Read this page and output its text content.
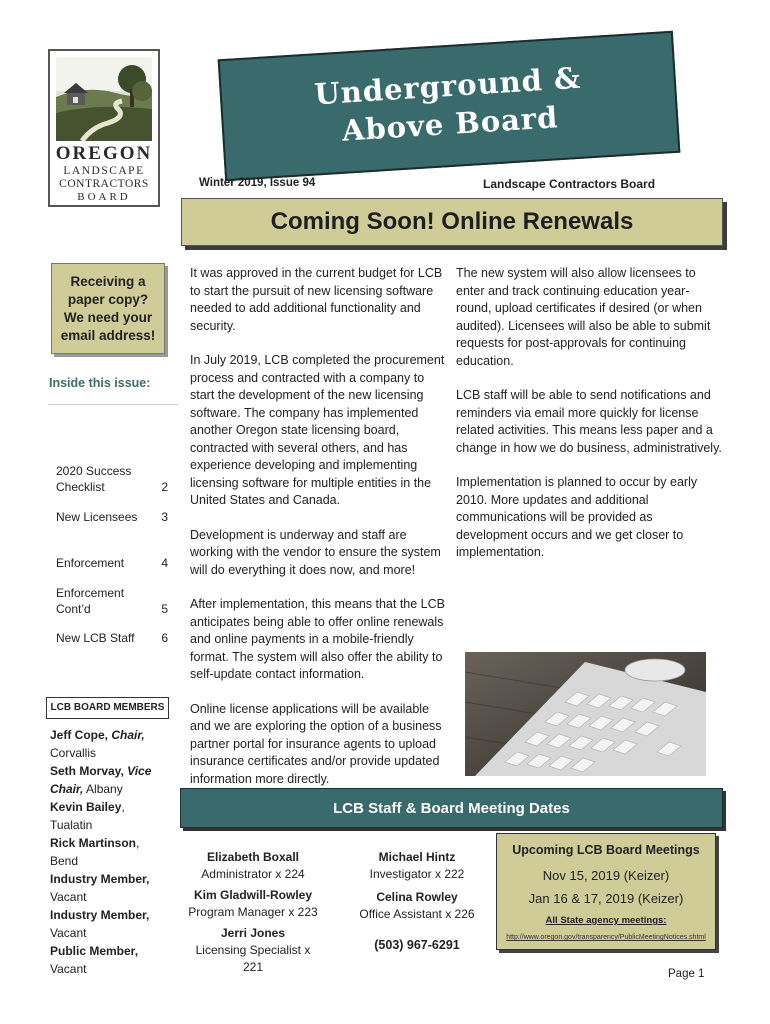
OREGON
LANDSCAPE
CONTRACTORS
BOARD
Underground &
Above Board
Winter 2019, Issue 94	Landscape Contractors Board
Coming Soon! Online Renewals
Receiving a paper copy? We need your email address!
Inside this issue:
2020 Success Checklist	2
New Licensees 3
Enforcement	4
Enforcement Cont’d	5
New LCB Staff 6
LCB BOARD MEMBERS
Jeff Cope, Chair,
Corvallis
Seth Morvay, Vice Chair, Albany
Kevin Bailey, Tualatin
Rick Martinson, Bend
Industry Member,
Vacant
Industry Member,
Vacant
Public Member,
Vacant

It was approved in the current budget for LCB to start the pursuit of new licensing software needed to add additional functionality and security.

In July 2019, LCB completed the procurement process and contracted with a company to start the development of the new licensing software. The company has implemented another Oregon state licensing board, contracted with several others, and has experience developing and implementing licensing software for multiple entities in the United States and Canada.

Development is underway and staff are working with the vendor to ensure the system will do everything it does now, and more!

After implementation, this means that the LCB anticipates being able to offer online renewals and online payments in a mobile-friendly format. The system will also offer the ability to self-update contact information.

Online license applications will be available and we are exploring the option of a business partner portal for insurance agents to upload insurance certificates and/or provide updated information more directly.

The new system will also allow licensees to enter and track continuing education year-round, upload certificates if desired (or when audited). Licensees will also be able to submit requests for post-approvals for continuing education.

LCB staff will be able to send notifications and reminders via email more quickly for license related activities. This means less paper and a change in how we do business, administratively.

Implementation is planned to occur by early 2010. More updates and additional communications will be provided as development occurs and we get closer to implementation.

LCB Staff & Board Meeting Dates
Elizabeth Boxall
Administrator x 224
Kim Gladwill-Rowley
Program Manager x 223
Jerri Jones
Licensing Specialist x 221
Michael Hintz
Investigator x 222
Celina Rowley
Office Assistant x 226
(503) 967-6291
Upcoming LCB Board Meetings
Nov 15, 2019 (Keizer)
Jan 16 & 17, 2019 (Keizer)
All State agency meetings:
http://www.oregon.gov/transparency/PublicMeetingNotices.shtml
Page 1
